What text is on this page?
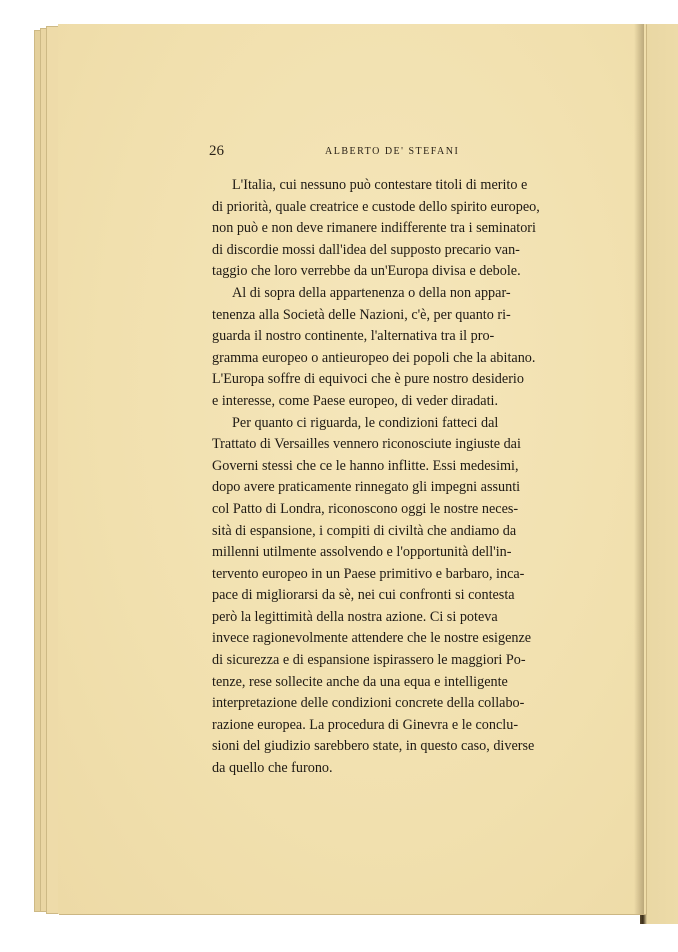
26	ALBERTO DE' STEFANI
L'Italia, cui nessuno può contestare titoli di merito e
di priorità, quale creatrice e custode dello spirito europeo,
non può e non deve rimanere indifferente tra i seminatori
di discordie mossi dall'idea del supposto precario van-
taggio che loro verrebbe da un'Europa divisa e debole.
Al di sopra della appartenenza o della non appar-
tenenza alla Società delle Nazioni, c'è, per quanto ri-
guarda il nostro continente, l'alternativa tra il pro-
gramma europeo o antieuropeo dei popoli che la abitano.
L'Europa soffre di equivoci che è pure nostro desiderio
e interesse, come Paese europeo, di veder diradati.
Per quanto ci riguarda, le condizioni fatteci dal
Trattato di Versailles vennero riconosciute ingiuste dai
Governi stessi che ce le hanno inflitte. Essi medesimi,
dopo avere praticamente rinnegato gli impegni assunti
col Patto di Londra, riconoscono oggi le nostre neces-
sità di espansione, i compiti di civiltà che andiamo da
millenni utilmente assolvendo e l'opportunità dell'in-
tervento europeo in un Paese primitivo e barbaro, inca-
pace di migliorarsi da sè, nei cui confronti si contesta
però la legittimità della nostra azione. Ci si poteva
invece ragionevolmente attendere che le nostre esigenze
di sicurezza e di espansione ispirassero le maggiori Po-
tenze, rese sollecite anche da una equa e intelligente
interpretazione delle condizioni concrete della collabo-
razione europea. La procedura di Ginevra e le conclu-
sioni del giudizio sarebbero state, in questo caso, diverse
da quello che furono.
